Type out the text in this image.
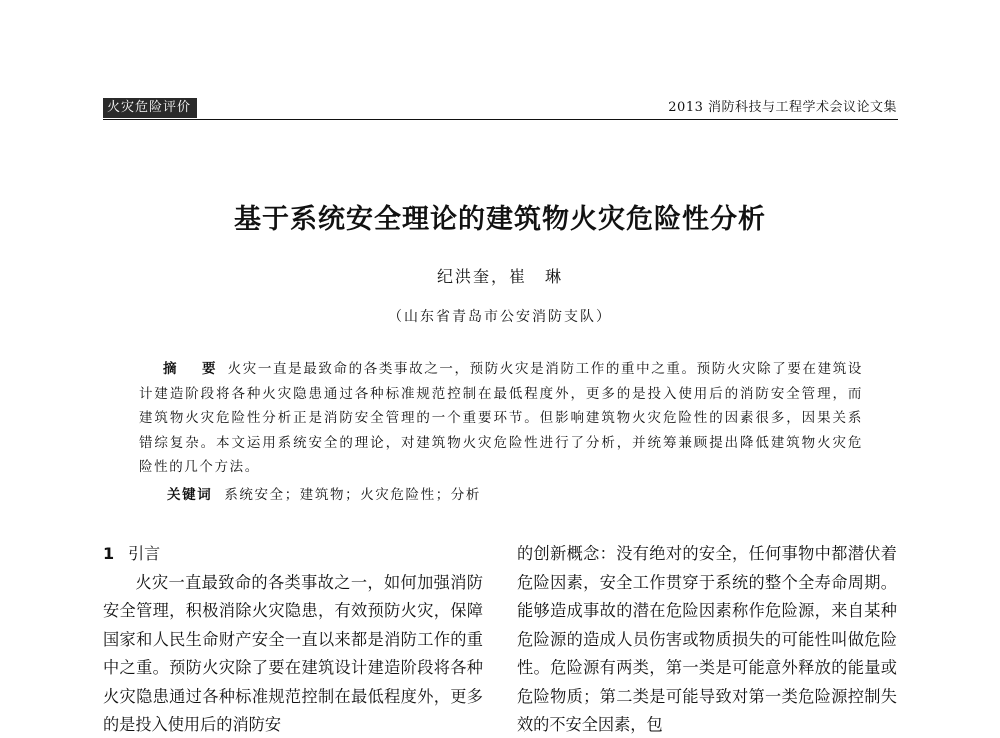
火灾危险评价	2013 消防科技与工程学术会议论文集
基于系统安全理论的建筑物火灾危险性分析
纪洪奎，崔　琳
（山东省青岛市公安消防支队）
摘　要 火灾一直是最致命的各类事故之一，预防火灾是消防工作的重中之重。预防火灾除了要在建筑设计建造阶段将各种火灾隐患通过各种标准规范控制在最低程度外，更多的是投入使用后的消防安全管理，而建筑物火灾危险性分析正是消防安全管理的一个重要环节。但影响建筑物火灾危险性的因素很多，因果关系错综复杂。本文运用系统安全的理论，对建筑物火灾危险性进行了分析，并统筹兼顾提出降低建筑物火灾危险性的几个方法。
关键词 系统安全；建筑物；火灾危险性；分析
1 引言

火灾一直最致命的各类事故之一，如何加强消防安全管理，积极消除火灾隐患，有效预防火灾，保障国家和人民生命财产安全一直以来都是消防工作的重中之重。预防火灾除了要在建筑设计建造阶段将各种火灾隐患通过各种标准规范控制在最低程度外，更多的是投入使用后的消防安

的创新概念：没有绝对的安全，任何事物中都潜伏着危险因素，安全工作贯穿于系统的整个全寿命周期。能够造成事故的潜在危险因素称作危险源，来自某种危险源的造成人员伤害或物质损失的可能性叫做危险性。危险源有两类，第一类是可能意外释放的能量或危险物质；第二类是可能导致对第一类危险源控制失效的不安全因素，包
